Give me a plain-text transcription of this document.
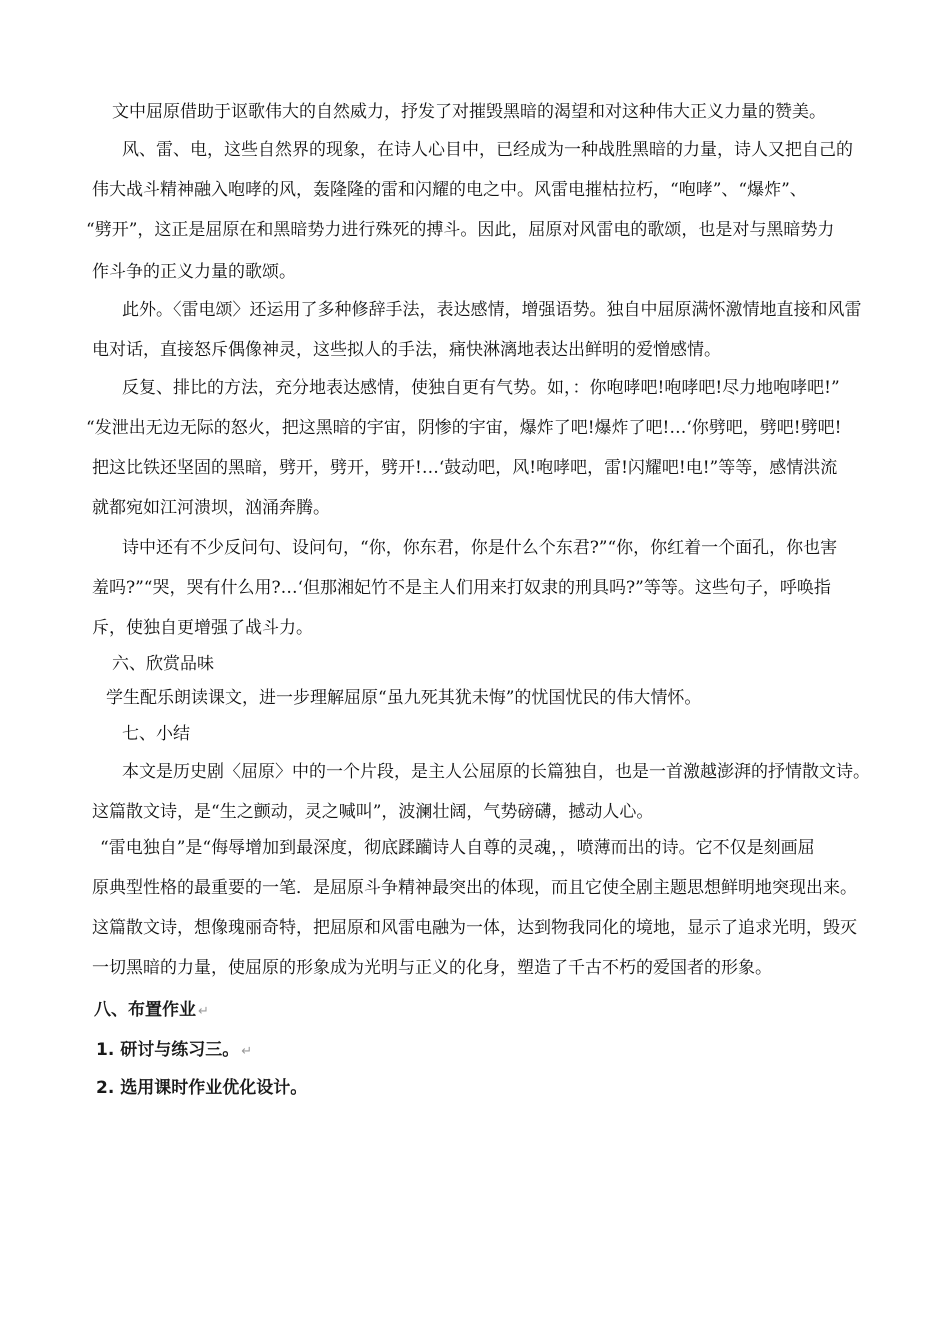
文中屈原借助于讴歌伟大的自然威力，抒发了对摧毁黑暗的渴望和对这种伟大正义力量的赞美。

风、雷、电，这些自然界的现象，在诗人心目中，已经成为一种战胜黑暗的力量，诗人又把自己的

伟大战斗精神融入咆哮的风，轰隆隆的雷和闪耀的电之中。风雷电摧枯拉朽，“咆哮”、“爆炸”、

“劈开”，这正是屈原在和黑暗势力进行殊死的搏斗。因此，屈原对风雷电的歌颂，也是对与黑暗势力

作斗争的正义力量的歌颂。

此外。〈雷电颂〉还运用了多种修辞手法，表达感情，增强语势。独自中屈原满怀激情地直接和风雷

电对话，直接怒斥偶像神灵，这些拟人的手法，痛快淋漓地表达出鲜明的爱憎感情。

反复、排比的方法，充分地表达感情，使独自更有气势。如，：你咆哮吧!咆哮吧!尽力地咆哮吧!”

“发泄出无边无际的怒火，把这黑暗的宇宙，阴惨的宇宙，爆炸了吧!爆炸了吧!…‘你劈吧，劈吧!劈吧!

把这比铁还坚固的黑暗，劈开，劈开，劈开!…‘鼓动吧，风!咆哮吧，雷!闪耀吧!电!”等等，感情洪流

就都宛如江河溃坝，汹涌奔腾。

诗中还有不少反问句、设问句，“你，你东君，你是什么个东君?”“你，你红着一个面孔，你也害

羞吗?”“哭，哭有什么用?…‘但那湘妃竹不是主人们用来打奴隶的刑具吗?”等等。这些句子，呼唤指

斥，使独自更增强了战斗力。

六、欣赏品味

学生配乐朗读课文，进一步理解屈原“虽九死其犹未悔”的忧国忧民的伟大情怀。

七、小结

本文是历史剧〈屈原〉中的一个片段，是主人公屈原的长篇独自，也是一首激越澎湃的抒情散文诗。

这篇散文诗，是“生之颤动，灵之喊叫”，波澜壮阔，气势磅礴，撼动人心。

“雷电独自”是“侮辱增加到最深度，彻底蹂躏诗人自尊的灵魂，，喷薄而出的诗。它不仅是刻画屈

原典型性格的最重要的一笔．是屈原斗争精神最突出的体现，而且它使全剧主题思想鲜明地突现出来。

这篇散文诗，想像瑰丽奇特，把屈原和风雷电融为一体，达到物我同化的境地，显示了追求光明，毁灭

一切黑暗的力量，使屈原的形象成为光明与正义的化身，塑造了千古不朽的爱国者的形象。

八、布置作业 ↵
1. 研讨与练习三。 ↵
2. 选用课时作业优化设计。
